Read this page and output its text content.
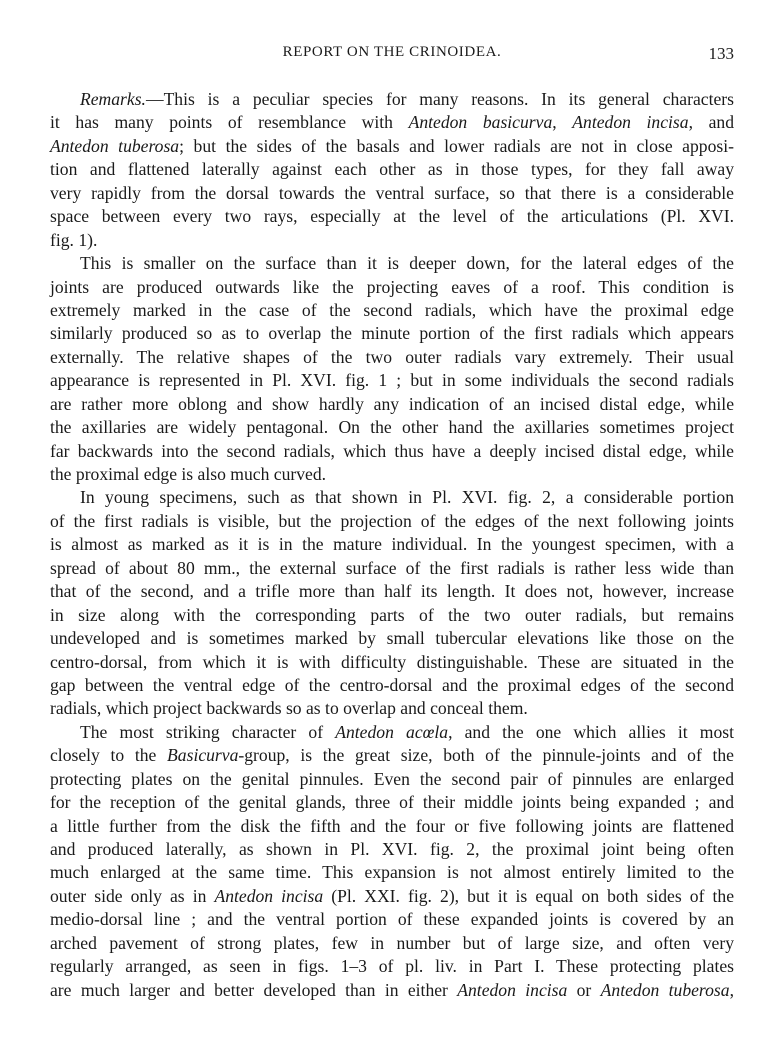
REPORT ON THE CRINOIDEA.	133
Remarks.—This is a peculiar species for many reasons. In its general characters
it has many points of resemblance with Antedon basicurva, Antedon incisa, and
Antedon tuberosa; but the sides of the basals and lower radials are not in close apposi-
tion and flattened laterally against each other as in those types, for they fall away
very rapidly from the dorsal towards the ventral surface, so that there is a considerable
space between every two rays, especially at the level of the articulations (Pl. XVI.
fig. 1).
This is smaller on the surface than it is deeper down, for the lateral edges of the
joints are produced outwards like the projecting eaves of a roof. This condition is
extremely marked in the case of the second radials, which have the proximal edge
similarly produced so as to overlap the minute portion of the first radials which appears
externally. The relative shapes of the two outer radials vary extremely. Their usual
appearance is represented in Pl. XVI. fig. 1 ; but in some individuals the second radials
are rather more oblong and show hardly any indication of an incised distal edge, while
the axillaries are widely pentagonal. On the other hand the axillaries sometimes project
far backwards into the second radials, which thus have a deeply incised distal edge, while
the proximal edge is also much curved.
In young specimens, such as that shown in Pl. XVI. fig. 2, a considerable portion
of the first radials is visible, but the projection of the edges of the next following joints
is almost as marked as it is in the mature individual. In the youngest specimen, with a
spread of about 80 mm., the external surface of the first radials is rather less wide than
that of the second, and a trifle more than half its length. It does not, however, increase
in size along with the corresponding parts of the two outer radials, but remains
undeveloped and is sometimes marked by small tubercular elevations like those on the
centro-dorsal, from which it is with difficulty distinguishable. These are situated in the
gap between the ventral edge of the centro-dorsal and the proximal edges of the second
radials, which project backwards so as to overlap and conceal them.
The most striking character of Antedon acœla, and the one which allies it most
closely to the Basicurva-group, is the great size, both of the pinnule-joints and of the
protecting plates on the genital pinnules. Even the second pair of pinnules are enlarged
for the reception of the genital glands, three of their middle joints being expanded ; and
a little further from the disk the fifth and the four or five following joints are flattened
and produced laterally, as shown in Pl. XVI. fig. 2, the proximal joint being often
much enlarged at the same time. This expansion is not almost entirely limited to the
outer side only as in Antedon incisa (Pl. XXI. fig. 2), but it is equal on both sides of the
medio-dorsal line ; and the ventral portion of these expanded joints is covered by an
arched pavement of strong plates, few in number but of large size, and often very
regularly arranged, as seen in figs. 1–3 of pl. liv. in Part I. These protecting plates
are much larger and better developed than in either Antedon incisa or Antedon tuberosa,
